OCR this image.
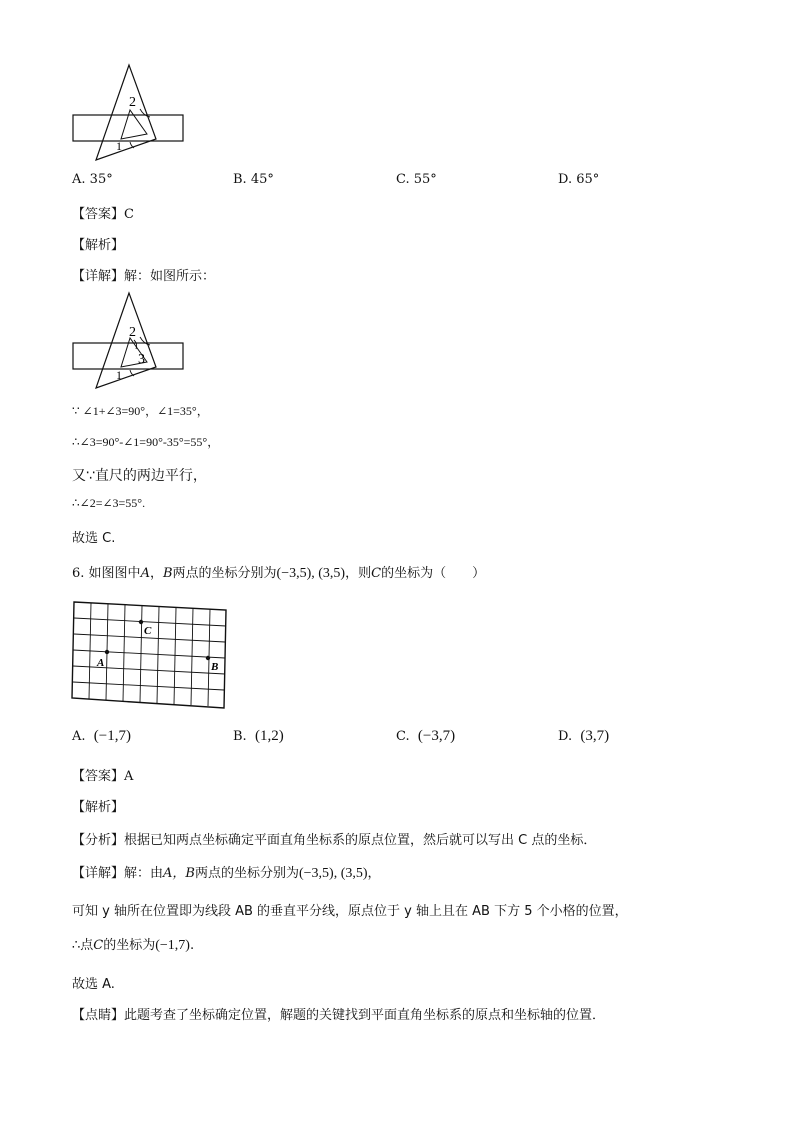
2
1
A. 35°	B. 45°	C. 55°	D. 65°
【答案】C
【解析】
【详解】解：如图所示：
2
3
1
∵ ∠1+∠3=90°，∠1=35°，
∴∠3=90°-∠1=90°-35°=55°，
又∵直尺的两边平行，
∴∠2=∠3=55°.
故选 C.
6. 如图图中A，B两点的坐标分别为(−3,5), (3,5)，则C的坐标为（　　）
A	B
C
A. (−1,7)	B. (1,2)	C. (−3,7)	D. (3,7)
【答案】A
【解析】
【分析】根据已知两点坐标确定平面直角坐标系的原点位置，然后就可以写出 C 点的坐标．
【详解】解：由A，B两点的坐标分别为(−3,5), (3,5)，
可知 y 轴所在位置即为线段 AB 的垂直平分线，原点位于 y 轴上且在 AB 下方 5 个小格的位置，
∴点C的坐标为(−1,7).
故选 A.
【点睛】此题考查了坐标确定位置，解题的关键找到平面直角坐标系的原点和坐标轴的位置．
